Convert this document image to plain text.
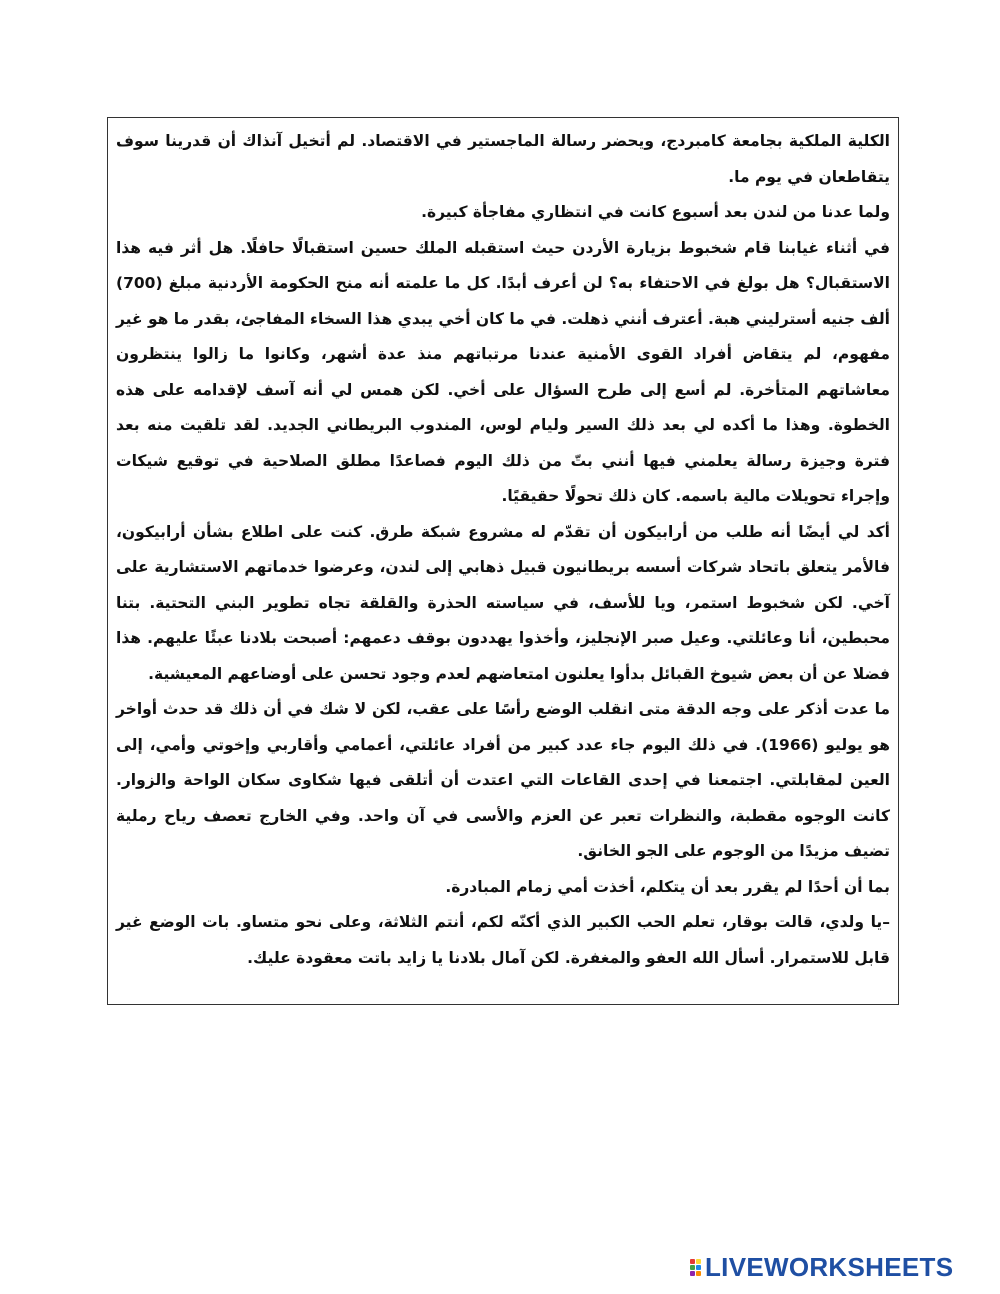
الكلية الملكية بجامعة كامبردج، ويحضر رسالة الماجستير في الاقتصاد. لم أتخيل آنذاك أن قدرينا سوف يتقاطعان في يوم ما.

ولما عدنا من لندن بعد أسبوع كانت في انتظاري مفاجأة كبيرة.

في أثناء غيابنا قام شخبوط بزيارة الأردن حيث استقبله الملك حسين استقبالًا حافلًا. هل أثر فيه هذا الاستقبال؟ هل بولغ في الاحتفاء به؟ لن أعرف أبدًا. كل ما علمته أنه منح الحكومة الأردنية مبلغ (700) ألف جنيه أسترليني هبة. أعترف أنني ذهلت. في ما كان أخي يبدي هذا السخاء المفاجئ، بقدر ما هو غير مفهوم، لم يتقاض أفراد القوى الأمنية عندنا مرتباتهم منذ عدة أشهر، وكانوا ما زالوا ينتظرون معاشاتهم المتأخرة. لم أسع إلى طرح السؤال على أخي. لكن همس لي أنه آسف لإقدامه على هذه الخطوة. وهذا ما أكده لي بعد ذلك السير وليام لوس، المندوب البريطاني الجديد. لقد تلقيت منه بعد فترة وجيزة رسالة يعلمني فيها أنني بتّ من ذلك اليوم فصاعدًا مطلق الصلاحية في توقيع شيكات وإجراء تحويلات مالية باسمه. كان ذلك تحولًا حقيقيًا.

أكد لي أيضًا أنه طلب من أرابيكون أن تقدّم له مشروع شبكة طرق. كنت على اطلاع بشأن أرابيكون، فالأمر يتعلق باتحاد شركات أسسه بريطانيون قبيل ذهابي إلى لندن، وعرضوا خدماتهم الاستشارية على آخي. لكن شخبوط استمر، ويا للأسف، في سياسته الحذرة والقلقة تجاه تطوير البني التحتية. بتنا محبطين، أنا وعائلتي. وعيل صبر الإنجليز، وأخذوا يهددون بوقف دعمهم: أصبحت بلادنا عبئًا عليهم. هذا فضلا عن أن بعض شيوخ القبائل بدأوا يعلنون امتعاضهم لعدم وجود تحسن على أوضاعهم المعيشية.

ما عدت أذكر على وجه الدقة متى انقلب الوضع رأسًا على عقب، لكن لا شك في أن ذلك قد حدث أواخر هو يوليو (1966). في ذلك اليوم جاء عدد كبير من أفراد عائلتي، أعمامي وأقاربي وإخوتي وأمي، إلى العين لمقابلتي. اجتمعنا في إحدى القاعات التي اعتدت أن أتلقى فيها شكاوى سكان الواحة والزوار. كانت الوجوه مقطبة، والنظرات تعبر عن العزم والأسى في آن واحد. وفي الخارج تعصف رياح رملية تضيف مزيدًا من الوجوم على الجو الخانق.

بما أن أحدًا لم يقرر بعد أن يتكلم، أخذت أمي زمام المبادرة.

–يا ولدي، قالت بوقار، تعلم الحب الكبير الذي أكنّه لكم، أنتم الثلاثة، وعلى نحو متساو. بات الوضع غير قابل للاستمرار. أسأل الله العفو والمغفرة. لكن آمال بلادنا يا زايد باتت معقودة عليك.

LIVEWORKSHEETS
